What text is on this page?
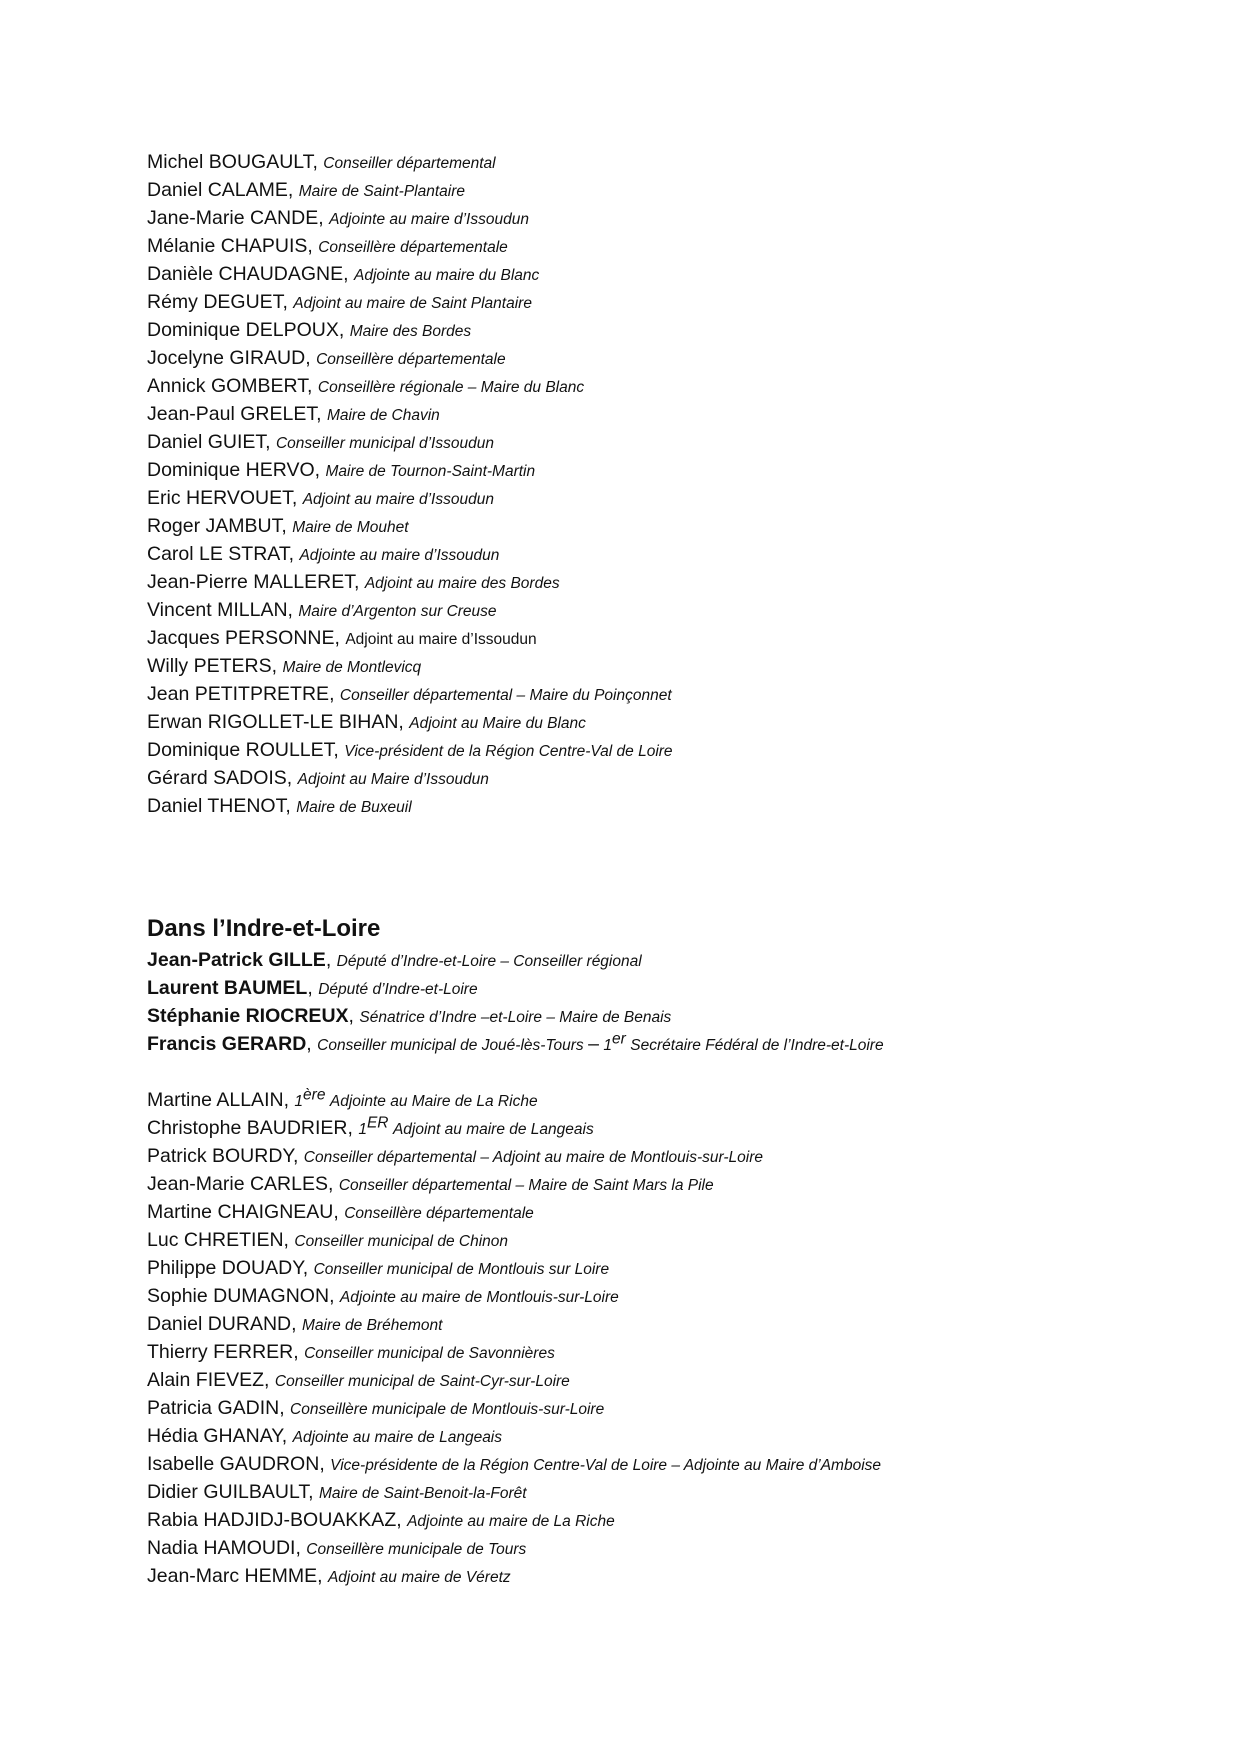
Michel BOUGAULT, Conseiller départemental
Daniel CALAME, Maire de Saint-Plantaire
Jane-Marie CANDE, Adjointe au maire d’Issoudun
Mélanie CHAPUIS, Conseillère départementale
Danièle CHAUDAGNE, Adjointe au maire du Blanc
Rémy DEGUET, Adjoint au maire de Saint Plantaire
Dominique DELPOUX, Maire des Bordes
Jocelyne GIRAUD, Conseillère départementale
Annick GOMBERT, Conseillère régionale – Maire du Blanc
Jean-Paul GRELET, Maire de Chavin
Daniel GUIET, Conseiller municipal d’Issoudun
Dominique HERVO, Maire de Tournon-Saint-Martin
Eric HERVOUET, Adjoint au maire d’Issoudun
Roger JAMBUT, Maire de Mouhet
Carol LE STRAT, Adjointe au maire d’Issoudun
Jean-Pierre MALLERET, Adjoint au maire des Bordes
Vincent MILLAN, Maire d’Argenton sur Creuse
Jacques PERSONNE, Adjoint au maire d’Issoudun
Willy PETERS, Maire de Montlevicq
Jean PETITPRETRE, Conseiller départemental – Maire du Poinçonnet
Erwan RIGOLLET-LE BIHAN, Adjoint au Maire du Blanc
Dominique ROULLET, Vice-président de la Région Centre-Val de Loire
Gérard SADOIS, Adjoint au Maire d’Issoudun
Daniel THENOT, Maire de Buxeuil
Dans l’Indre-et-Loire
Jean-Patrick GILLE, Député d’Indre-et-Loire – Conseiller régional
Laurent BAUMEL, Député d’Indre-et-Loire
Stéphanie RIOCREUX, Sénatrice d’Indre –et-Loire – Maire de Benais
Francis GERARD, Conseiller municipal de Joué-lès-Tours – 1er Secrétaire Fédéral de l’Indre-et-Loire
Martine ALLAIN, 1ère Adjointe au Maire de La Riche
Christophe BAUDRIER, 1ER Adjoint au maire de Langeais
Patrick BOURDY, Conseiller départemental – Adjoint au maire de Montlouis-sur-Loire
Jean-Marie CARLES, Conseiller départemental – Maire de Saint Mars la Pile
Martine CHAIGNEAU, Conseillère départementale
Luc CHRETIEN, Conseiller municipal de Chinon
Philippe DOUADY, Conseiller municipal de Montlouis sur Loire
Sophie DUMAGNON, Adjointe au maire de Montlouis-sur-Loire
Daniel DURAND, Maire de Bréhemont
Thierry FERRER, Conseiller municipal de Savonnières
Alain FIEVEZ, Conseiller municipal de Saint-Cyr-sur-Loire
Patricia GADIN, Conseillère municipale de Montlouis-sur-Loire
Hédia GHANAY, Adjointe au maire de Langeais
Isabelle GAUDRON, Vice-présidente de la Région Centre-Val de Loire – Adjointe au Maire d’Amboise
Didier GUILBAULT, Maire de Saint-Benoit-la-Forêt
Rabia HADJIDJ-BOUAKKAZ, Adjointe au maire de La Riche
Nadia HAMOUDI, Conseillère municipale de Tours
Jean-Marc HEMME, Adjoint au maire de Véretz
